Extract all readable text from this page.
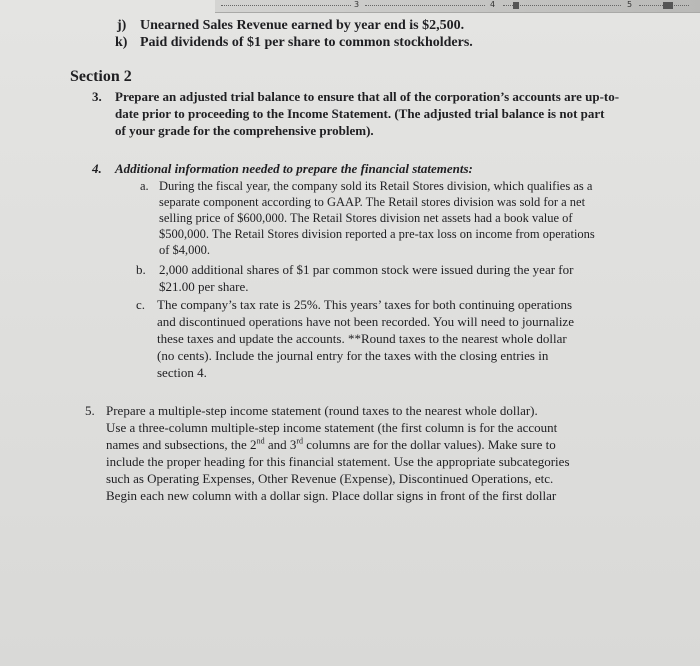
3	4	5
j) Unearned Sales Revenue earned by year end is $2,500.
k) Paid dividends of $1 per share to common stockholders.
Section 2
3. Prepare an adjusted trial balance to ensure that all of the corporation’s accounts are up-to-
date prior to proceeding to the Income Statement. (The adjusted trial balance is not part
of your grade for the comprehensive problem).
4. Additional information needed to prepare the financial statements:
a. During the fiscal year, the company sold its Retail Stores division, which qualifies as a
separate component according to GAAP. The Retail stores division was sold for a net
selling price of $600,000. The Retail Stores division net assets had a book value of
$500,000. The Retail Stores division reported a pre-tax loss on income from operations
of $4,000.
b. 2,000 additional shares of $1 par common stock were issued during the year for
$21.00 per share.
c. The company’s tax rate is 25%. This years’ taxes for both continuing operations
and discontinued operations have not been recorded. You will need to journalize
these taxes and update the accounts. **Round taxes to the nearest whole dollar
(no cents). Include the journal entry for the taxes with the closing entries in
section 4.
5. Prepare a multiple-step income statement (round taxes to the nearest whole dollar).
Use a three-column multiple-step income statement (the first column is for the account
names and subsections, the 2nd and 3rd columns are for the dollar values). Make sure to
include the proper heading for this financial statement. Use the appropriate subcategories
such as Operating Expenses, Other Revenue (Expense), Discontinued Operations, etc.
Begin each new column with a dollar sign. Place dollar signs in front of the first dollar
